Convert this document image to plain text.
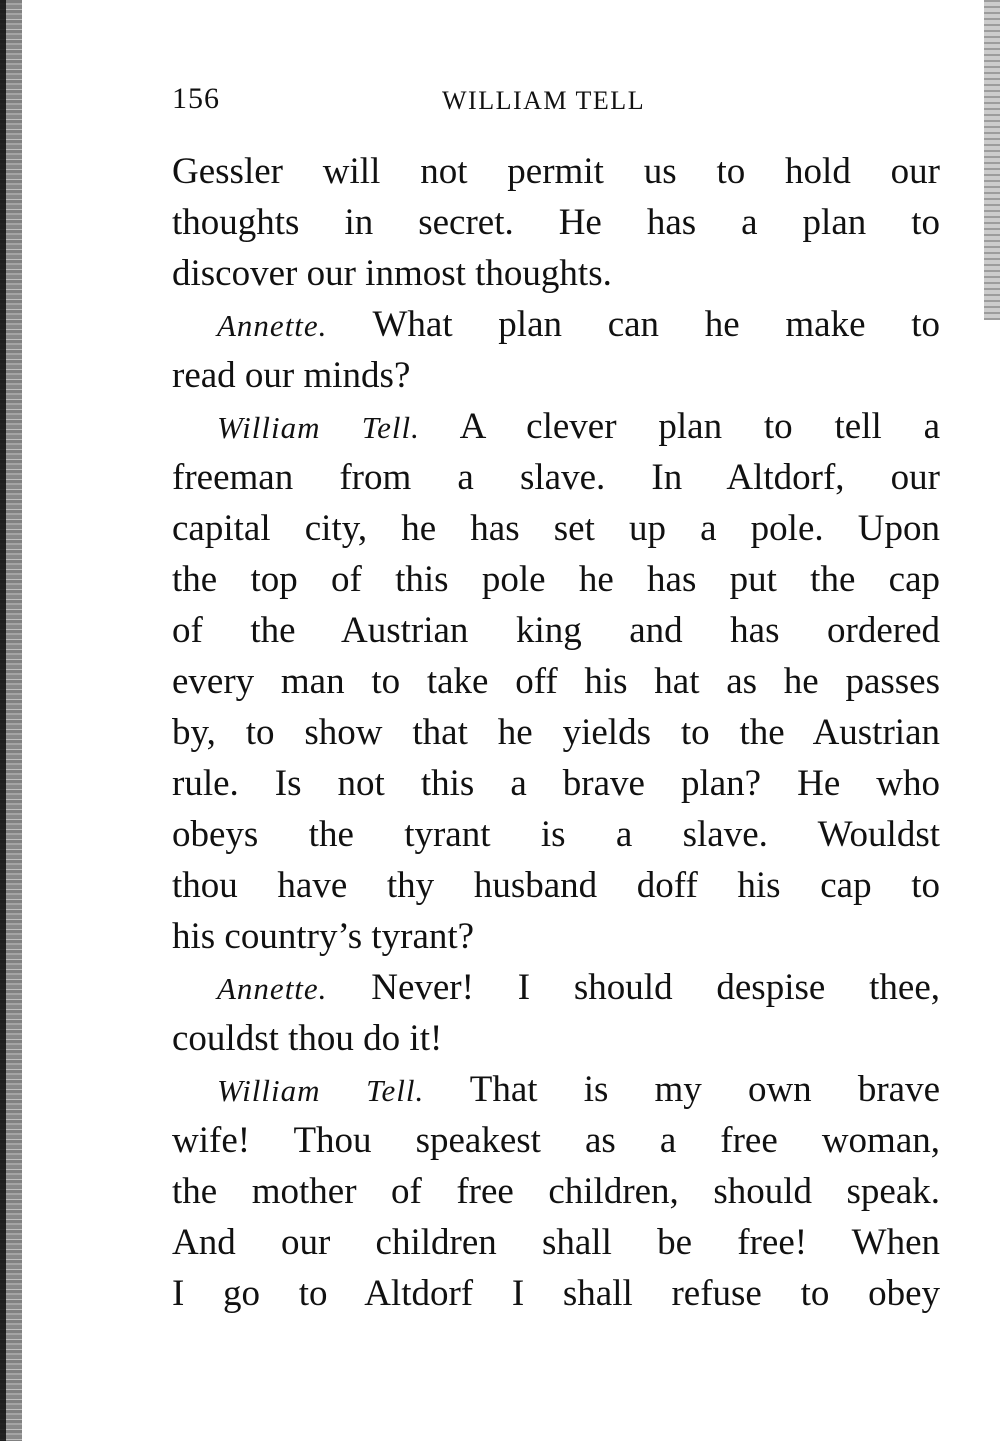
156	WILLIAM TELL
Gessler will not permit us to hold our
thoughts in secret. He has a plan to
discover our inmost thoughts.
Annette. What plan can he make to
read our minds?
William Tell. A clever plan to tell a
freeman from a slave. In Altdorf, our
capital city, he has set up a pole. Upon
the top of this pole he has put the cap
of the Austrian king and has ordered
every man to take off his hat as he passes
by, to show that he yields to the Austrian
rule. Is not this a brave plan? He who
obeys the tyrant is a slave. Wouldst
thou have thy husband doff his cap to
his country’s tyrant?
Annette. Never! I should despise thee,
couldst thou do it!
William Tell. That is my own brave
wife! Thou speakest as a free woman,
the mother of free children, should speak.
And our children shall be free! When
I go to Altdorf I shall refuse to obey
